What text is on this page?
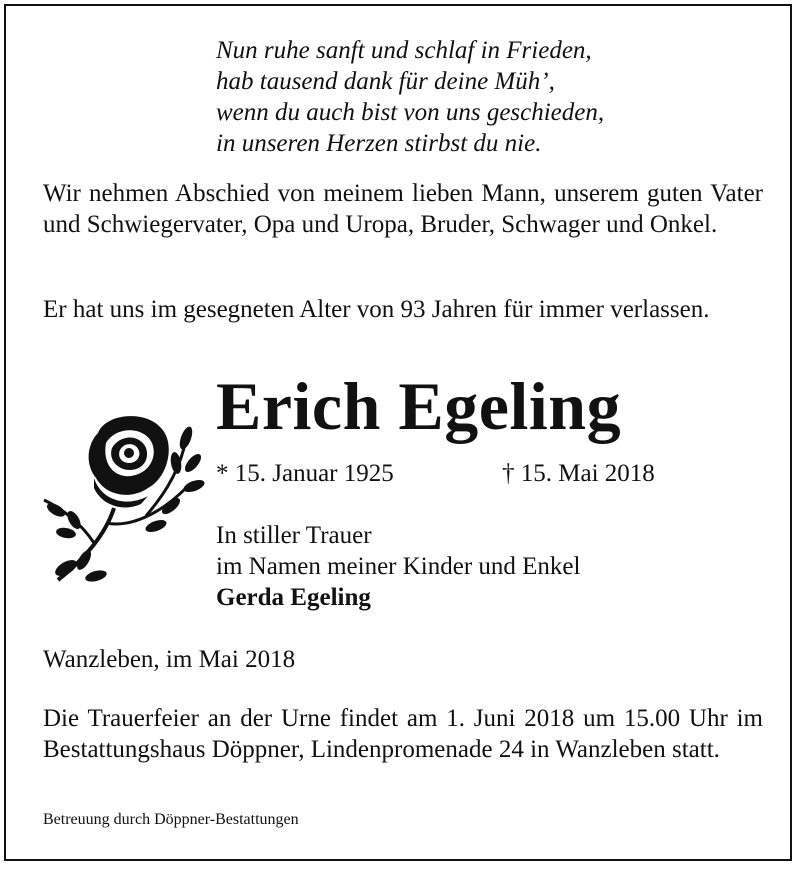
Nun ruhe sanft und schlaf in Frieden,
hab tausend dank für deine Müh’,
wenn du auch bist von uns geschieden,
in unseren Herzen stirbst du nie.
Wir nehmen Abschied von meinem lieben Mann, unserem guten Vater und Schwiegervater, Opa und Uropa, Bruder, Schwager und Onkel.
Er hat uns im gesegneten Alter von 93 Jahren für immer verlassen.
Erich Egeling
* 15. Januar 1925	† 15. Mai 2018
In stiller Trauer
im Namen meiner Kinder und Enkel
Gerda Egeling
Wanzleben, im Mai 2018
Die Trauerfeier an der Urne findet am 1. Juni 2018 um 15.00 Uhr im Bestattungshaus Döppner, Lindenpromenade 24 in Wanzleben statt.
Betreuung durch Döppner-Bestattungen
